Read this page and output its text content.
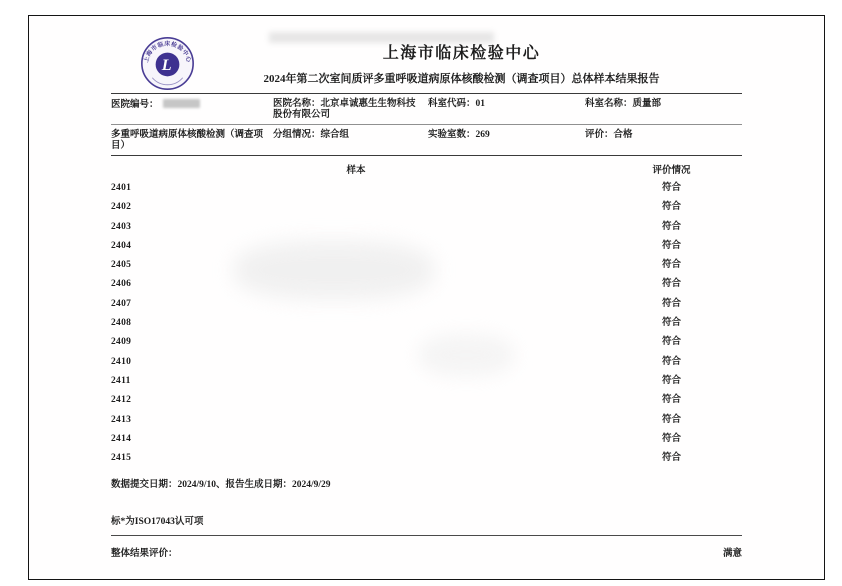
上海市临床检验中心
L
上海市临床检验中心
2024年第二次室间质评多重呼吸道病原体核酸检测（调查项目）总体样本结果报告
医院编号：	医院名称：北京卓诚惠生生物科技股份有限公司
科室代码：01	科室名称：质量部
多重呼吸道病原体核酸检测（调查项目）
分组情况：综合组	实验室数：269	评价：合格
样本	评价情况
2401	符合
2402	符合
2403	符合
2404	符合
2405	符合
2406	符合
2407	符合
2408	符合
2409	符合
2410	符合
2411	符合
2412	符合
2413	符合
2414	符合
2415	符合
数据提交日期：2024/9/10、报告生成日期：2024/9/29
标*为ISO17043认可项
整体结果评价：	满意
